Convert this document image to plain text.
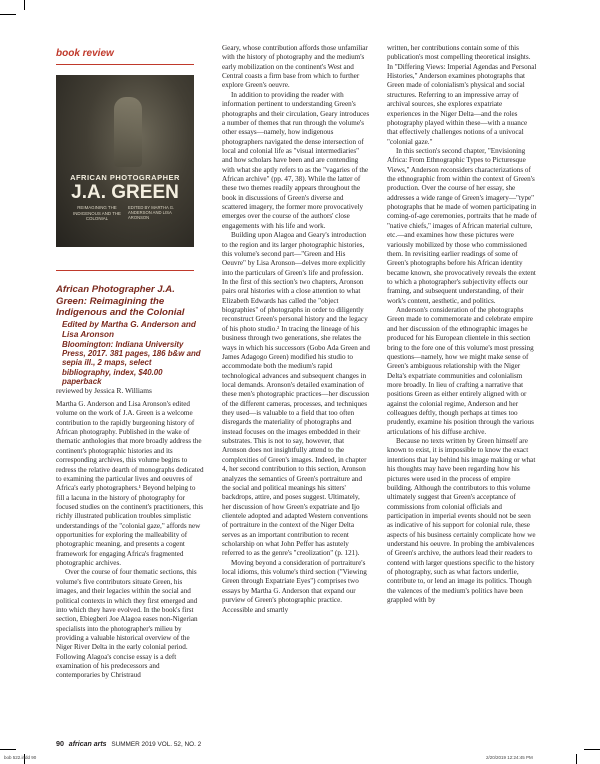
book review
AFRICAN PHOTOGRAPHER
J.A. GREEN
REIMAGINING THE INDIGENOUS AND THE COLONIAL
EDITED BY MARTHA G. ANDERSON AND LISA ARONSON
African Photographer J.A. Green: Reimagining the Indigenous and the Colonial
Edited by Martha G. Anderson and Lisa Aronson
Bloomington: Indiana University Press, 2017. 381 pages, 186 b&w and sepia ill., 2 maps, select bibliography, index, $40.00 paperback
reviewed by Jessica R. Williams

Martha G. Anderson and Lisa Aronson's edited volume on the work of J.A. Green is a welcome contribution to the rapidly burgeoning history of African photography. Published in the wake of thematic anthologies that more broadly address the continent's photographic histories and its corresponding archives, this volume begins to redress the relative dearth of monographs dedicated to examining the particular lives and oeuvres of Africa's early photographers.¹ Beyond helping to fill a lacuna in the history of photography for focused studies on the continent's practitioners, this richly illustrated publication troubles simplistic understandings of the "colonial gaze," affords new opportunities for exploring the malleability of photographic meaning, and presents a cogent framework for engaging Africa's fragmented photographic archives.

Over the course of four thematic sections, this volume's five contributors situate Green, his images, and their legacies within the social and political contexts in which they first emerged and into which they have evolved. In the book's first section, Ebiegberi Joe Alagoa eases non-Nigerian specialists into the photographer's milieu by providing a valuable historical overview of the Niger River Delta in the early colonial period. Following Alagoa's concise essay is a deft examination of his predecessors and contemporaries by Christraud

Geary, whose contribution affords those unfamiliar with the history of photography and the medium's early mobilization on the continent's West and Central coasts a firm base from which to further explore Green's oeuvre.

In addition to providing the reader with information pertinent to understanding Green's photographs and their circulation, Geary introduces a number of themes that run through the volume's other essays—namely, how indigenous photographers navigated the dense intersection of local and colonial life as "visual intermediaries" and how scholars have been and are contending with what she aptly refers to as the "vagaries of the African archive" (pp. 47, 38). While the latter of these two themes readily appears throughout the book in discussions of Green's diverse and scattered imagery, the former more provocatively emerges over the course of the authors' close engagements with his life and work.

Building upon Alagoa and Geary's introduction to the region and its larger photographic histories, this volume's second part—"Green and His Oeuvre" by Lisa Aronson—delves more explicitly into the particulars of Green's life and profession. In the first of this section's two chapters, Aronson pairs oral histories with a close attention to what Elizabeth Edwards has called the "object biographies" of photographs in order to diligently reconstruct Green's personal history and the legacy of his photo studio.² In tracing the lineage of his business through two generations, she relates the ways in which his successors (Gobo Ada Green and James Adagogo Green) modified his studio to accommodate both the medium's rapid technological advances and subsequent changes in local demands. Aronson's detailed examination of these men's photographic practices—her discussion of the different cameras, processes, and techniques they used—is valuable to a field that too often disregards the materiality of photographs and instead focuses on the images embedded in their substrates. This is not to say, however, that Aronson does not insightfully attend to the complexities of Green's images. Indeed, in chapter 4, her second contribution to this section, Aronson analyzes the semantics of Green's portraiture and the social and political meanings his sitters' backdrops, attire, and poses suggest. Ultimately, her discussion of how Green's expatriate and Ijo clientele adopted and adapted Western conventions of portraiture in the context of the Niger Delta serves as an important contribution to recent scholarship on what John Peffer has astutely referred to as the genre's "creolization" (p. 121).

Moving beyond a consideration of portraiture's local idioms, this volume's third section ("Viewing Green through Expatriate Eyes") comprises two essays by Martha G. Anderson that expand our purview of Green's photographic practice. Accessible and smartly

written, her contributions contain some of this publication's most compelling theoretical insights. In "Differing Views: Imperial Agendas and Personal Histories," Anderson examines photographs that Green made of colonialism's physical and social structures. Referring to an impressive array of archival sources, she explores expatriate experiences in the Niger Delta—and the roles photography played within these—with a nuance that effectively challenges notions of a univocal "colonial gaze."

In this section's second chapter, "Envisioning Africa: From Ethnographic Types to Picturesque Views," Anderson reconsiders characterizations of the ethnographic from within the context of Green's production. Over the course of her essay, she addresses a wide range of Green's imagery—"type" photographs that he made of women participating in coming-of-age ceremonies, portraits that he made of "native chiefs," images of African material culture, etc.—and examines how these pictures were variously mobilized by those who commissioned them. In revisiting earlier readings of some of Green's photographs before his African identity became known, she provocatively reveals the extent to which a photographer's subjectivity effects our framing, and subsequent understanding, of their work's content, aesthetic, and politics.

Anderson's consideration of the photographs Green made to commemorate and celebrate empire and her discussion of the ethnographic images he produced for his European clientele in this section bring to the fore one of this volume's most pressing questions—namely, how we might make sense of Green's ambiguous relationship with the Niger Delta's expatriate communities and colonialism more broadly. In lieu of crafting a narrative that positions Green as either entirely aligned with or against the colonial regime, Anderson and her colleagues deftly, though perhaps at times too prudently, examine his position through the various articulations of his diffuse archive.

Because no texts written by Green himself are known to exist, it is impossible to know the exact intentions that lay behind his image making or what his thoughts may have been regarding how his pictures were used in the process of empire building. Although the contributors to this volume ultimately suggest that Green's acceptance of commissions from colonial officials and participation in imperial events should not be seen as indicative of his support for colonial rule, these aspects of his business certainly complicate how we understand his oeuvre. In probing the ambivalences of Green's archive, the authors lead their readers to contend with larger questions specific to the history of photography, such as what factors underlie, contribute to, or lend an image its politics. Though the valences of the medium's politics have been grappled with by

90 african arts SUMMER 2019 VOL. 52, NO. 2
bob 522.indd 90	2/20/2019 12:24:45 PM
